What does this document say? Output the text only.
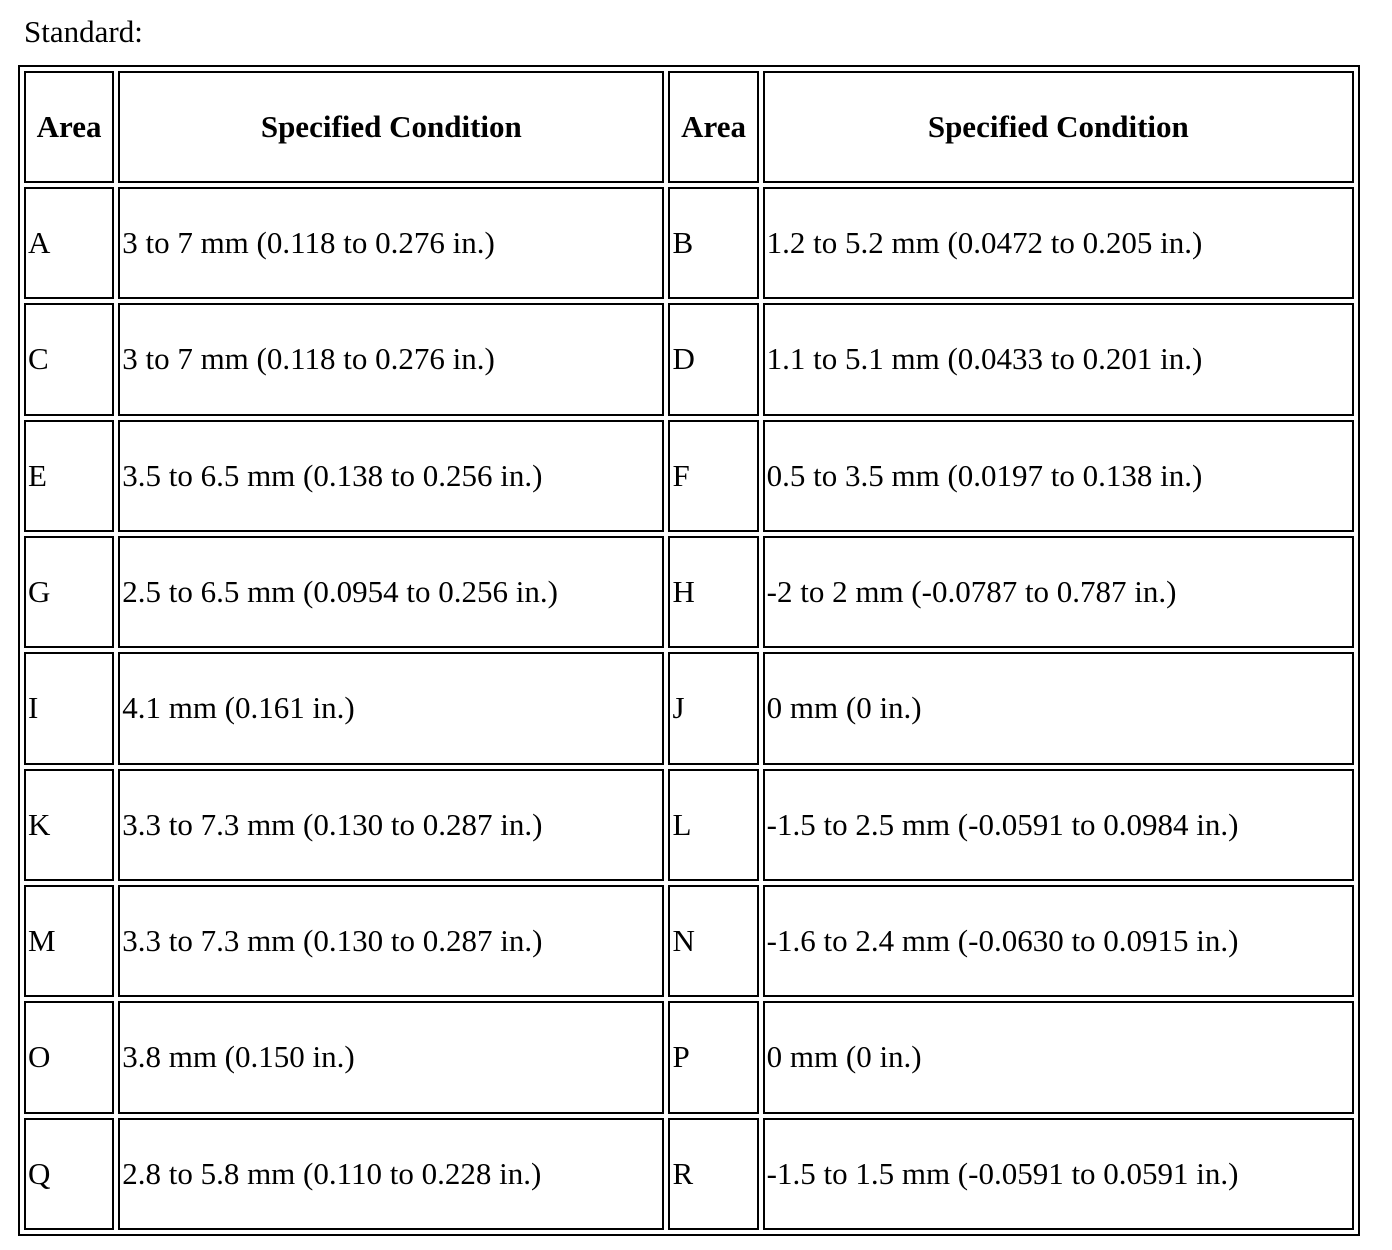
Standard:
Area	Specified Condition	Area	Specified Condition
A	3 to 7 mm (0.118 to 0.276 in.)	B	1.2 to 5.2 mm (0.0472 to 0.205 in.)
C	3 to 7 mm (0.118 to 0.276 in.)	D	1.1 to 5.1 mm (0.0433 to 0.201 in.)
E	3.5 to 6.5 mm (0.138 to 0.256 in.)	F	0.5 to 3.5 mm (0.0197 to 0.138 in.)
G	2.5 to 6.5 mm (0.0954 to 0.256 in.)	H	-2 to 2 mm (-0.0787 to 0.787 in.)
I	4.1 mm (0.161 in.)	J	0 mm (0 in.)
K	3.3 to 7.3 mm (0.130 to 0.287 in.)	L	-1.5 to 2.5 mm (-0.0591 to 0.0984 in.)
M	3.3 to 7.3 mm (0.130 to 0.287 in.)	N	-1.6 to 2.4 mm (-0.0630 to 0.0915 in.)
O	3.8 mm (0.150 in.)	P	0 mm (0 in.)
Q	2.8 to 5.8 mm (0.110 to 0.228 in.)	R	-1.5 to 1.5 mm (-0.0591 to 0.0591 in.)
